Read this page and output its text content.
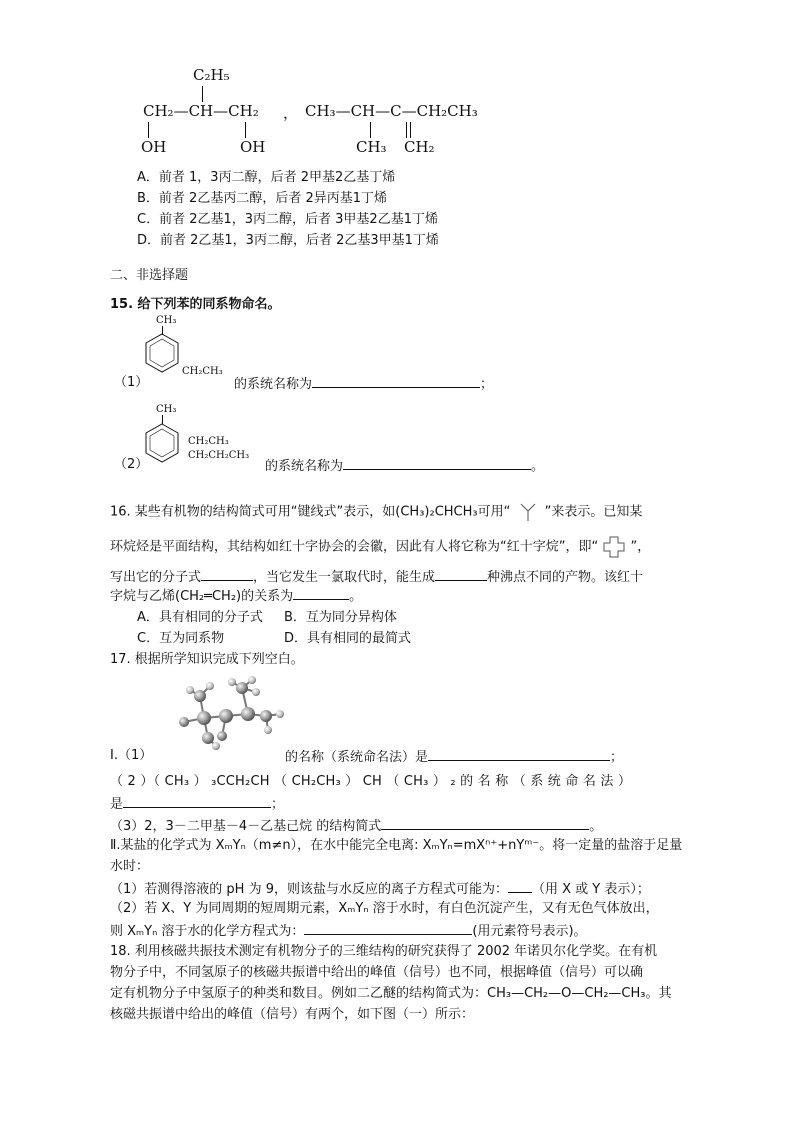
C₂H₅
CH₂—CH—CH₂
OH	OH
， CH₃—CH—C—CH₂CH₃
CH₃ CH₂
A．前者 1，3丙二醇，后者 2甲基2乙基丁烯
B．前者 2乙基丙二醇，后者 2异丙基1丁烯
C．前者 2乙基1，3丙二醇，后者 3甲基2乙基1丁烯
D．前者 2乙基1，3丙二醇，后者 2乙基3甲基1丁烯
二、非选择题
15. 给下列苯的同系物命名。
CH₃
CH₂CH₃
（1）	的系统名称为	；
CH₃
CH₂CH₃
CH₂CH₂CH₃
（2）	的系统名称为	。
16. 某些有机物的结构简式可用“键线式”表示，如(CH₃)₂CHCH₃可用“	”来表示。已知某
环烷烃是平面结构，其结构如红十字协会的会徽，因此有人将它称为“红十字烷”，即“ ”，
写出它的分子式	，当它发生一氯取代时，能生成	种沸点不同的产物。该红十
字烷与乙烯(CH₂═CH₂)的关系为	。
A．具有相同的分子式 B．互为同分异构体
C．互为同系物	D．具有相同的最简式
17. 根据所学知识完成下列空白。
Ⅰ.（1）	的名称（系统命名法）是	；
（ 2 ）（ CH₃ ） ₃CCH₂CH （ CH₂CH₃ ） CH （ CH₃ ） ₂ 的 名 称 （ 系 统 命 名 法 ）
是	；
（3）2，3－二甲基－4－乙基己烷 的结构简式	。
Ⅱ.某盐的化学式为 XₘYₙ（m≠n），在水中能完全电离: XₘYₙ=mXⁿ⁺+nYᵐ⁻。将一定量的盐溶于足量
水时：
（1）若测得溶液的 pH 为 9，则该盐与水反应的离子方程式可能为： （用 X 或 Y 表示）；
（2）若 X、Y 为同周期的短周期元素，XₘYₙ 溶于水时，有白色沉淀产生，又有无色气体放出，
则 XₘYₙ 溶于水的化学方程式为：	(用元素符号表示)。
18. 利用核磁共振技术测定有机物分子的三维结构的研究获得了 2002 年诺贝尔化学奖。在有机
物分子中，不同氢原子的核磁共振谱中给出的峰值（信号）也不同，根据峰值（信号）可以确
定有机物分子中氢原子的种类和数目。例如二乙醚的结构简式为：CH₃—CH₂—O—CH₂—CH₃。其
核磁共振谱中给出的峰值（信号）有两个，如下图（一）所示：
